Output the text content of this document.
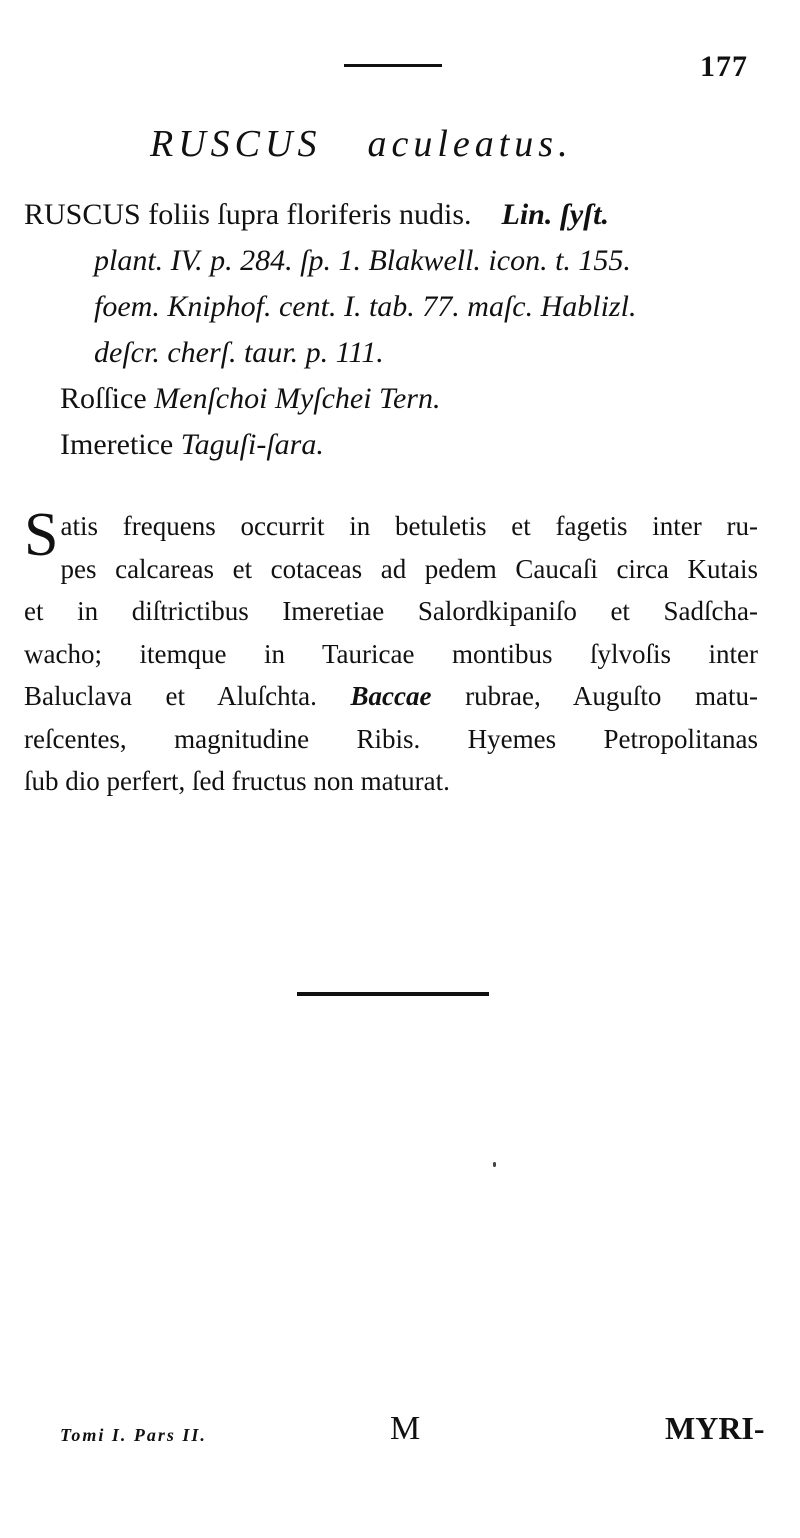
177
RUSCUS aculeatus.
RUSCUS foliis ſupra floriferis nudis. Lin. ſyſt.
plant. IV. p. 284. ſp. 1. Blakwell. icon. t. 155.
foem. Kniphof. cent. I. tab. 77. maſc. Hablizl.
deſcr. cherſ. taur. p. 111.
Roſſice Menſchoi Myſchei Tern.
Imeretice Taguſi-ſara.
S atis frequens occurrit in betuletis et fagetis inter ru-
pes calcareas et cotaceas ad pedem Caucaſi circa Kutais
et in diſtrictibus Imeretiae Salordkipaniſo et Sadſcha-
wacho; itemque in Tauricae montibus ſylvoſis inter
Baluclava et Aluſchta. Baccae rubrae, Auguſto matu-
reſcentes, magnitudine Ribis. Hyemes Petropolitanas
ſub dio perfert, ſed fructus non maturat.
Tomi I. Pars II.	M	MYRI-
